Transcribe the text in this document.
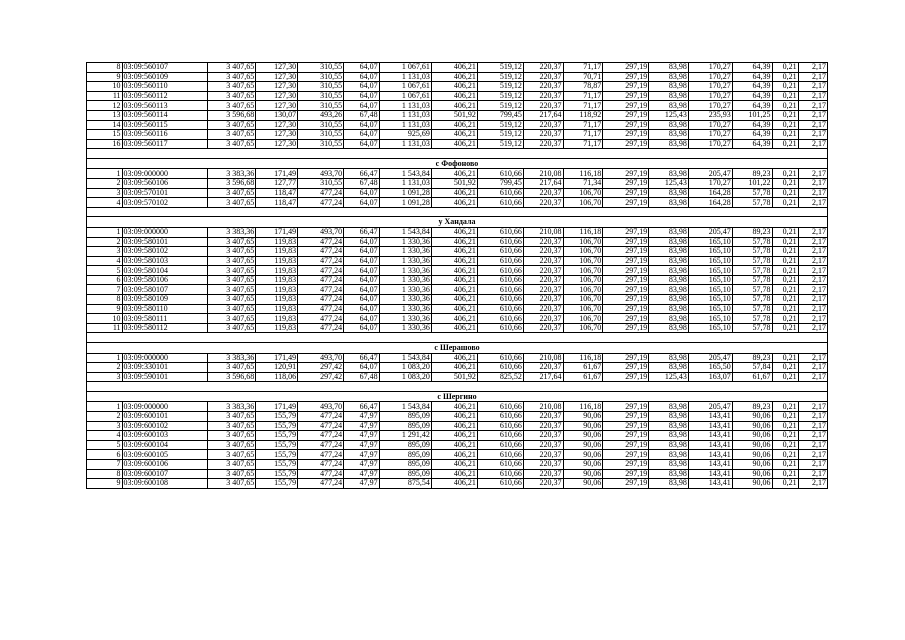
8	03:09:560107	3 407,65	127,30	310,55	64,07	1 067,61	406,21	519,12	220,37	71,17	297,19	83,98	170,27	64,39	0,21	2,17
9	03:09:560109	3 407,65	127,30	310,55	64,07	1 131,03	406,21	519,12	220,37	70,71	297,19	83,98	170,27	64,39	0,21	2,17
10	03:09:560110	3 407,65	127,30	310,55	64,07	1 067,61	406,21	519,12	220,37	78,87	297,19	83,98	170,27	64,39	0,21	2,17
11	03:09:560112	3 407,65	127,30	310,55	64,07	1 067,61	406,21	519,12	220,37	71,17	297,19	83,98	170,27	64,39	0,21	2,17
12	03:09:560113	3 407,65	127,30	310,55	64,07	1 131,03	406,21	519,12	220,37	71,17	297,19	83,98	170,27	64,39	0,21	2,17
13	03:09:560114	3 596,68	130,07	493,26	67,48	1 131,03	501,92	799,45	217,64	118,92	297,19	125,43	235,93	101,25	0,21	2,17
14	03:09:560115	3 407,65	127,30	310,55	64,07	1 131,03	406,21	519,12	220,37	71,17	297,19	83,98	170,27	64,39	0,21	2,17
15	03:09:560116	3 407,65	127,30	310,55	64,07	925,69	406,21	519,12	220,37	71,17	297,19	83,98	170,27	64,39	0,21	2,17
16	03:09:560117	3 407,65	127,30	310,55	64,07	1 131,03	406,21	519,12	220,37	71,17	297,19	83,98	170,27	64,39	0,21	2,17

с Фофоново																
1	03:09:000000	3 383,36	171,49	493,70	66,47	1 543,84	406,21	610,66	210,08	116,18	297,19	83,98	205,47	89,23	0,21	2,17
2	03:09:560106	3 596,68	127,77	310,55	67,48	1 131,03	501,92	799,45	217,64	71,34	297,19	125,43	170,27	101,22	0,21	2,17
3	03:09:570101	3 407,65	118,47	477,24	64,07	1 091,28	406,21	610,66	220,37	106,70	297,19	83,98	164,28	57,78	0,21	2,17
4	03:09:570102	3 407,65	118,47	477,24	64,07	1 091,28	406,21	610,66	220,37	106,70	297,19	83,98	164,28	57,78	0,21	2,17

у Хандала																
1	03:09:000000	3 383,36	171,49	493,70	66,47	1 543,84	406,21	610,66	210,08	116,18	297,19	83,98	205,47	89,23	0,21	2,17
2	03:09:580101	3 407,65	119,83	477,24	64,07	1 330,36	406,21	610,66	220,37	106,70	297,19	83,98	165,10	57,78	0,21	2,17
3	03:09:580102	3 407,65	119,83	477,24	64,07	1 330,36	406,21	610,66	220,37	106,70	297,19	83,98	165,10	57,78	0,21	2,17
4	03:09:580103	3 407,65	119,83	477,24	64,07	1 330,36	406,21	610,66	220,37	106,70	297,19	83,98	165,10	57,78	0,21	2,17
5	03:09:580104	3 407,65	119,83	477,24	64,07	1 330,36	406,21	610,66	220,37	106,70	297,19	83,98	165,10	57,78	0,21	2,17
6	03:09:580106	3 407,65	119,83	477,24	64,07	1 330,36	406,21	610,66	220,37	106,70	297,19	83,98	165,10	57,78	0,21	2,17
7	03:09:580107	3 407,65	119,83	477,24	64,07	1 330,36	406,21	610,66	220,37	106,70	297,19	83,98	165,10	57,78	0,21	2,17
8	03:09:580109	3 407,65	119,83	477,24	64,07	1 330,36	406,21	610,66	220,37	106,70	297,19	83,98	165,10	57,78	0,21	2,17
9	03:09:580110	3 407,65	119,83	477,24	64,07	1 330,36	406,21	610,66	220,37	106,70	297,19	83,98	165,10	57,78	0,21	2,17
10	03:09:580111	3 407,65	119,83	477,24	64,07	1 330,36	406,21	610,66	220,37	106,70	297,19	83,98	165,10	57,78	0,21	2,17
11	03:09:580112	3 407,65	119,83	477,24	64,07	1 330,36	406,21	610,66	220,37	106,70	297,19	83,98	165,10	57,78	0,21	2,17

с Шерашово																
1	03:09:000000	3 383,36	171,49	493,70	66,47	1 543,84	406,21	610,66	210,08	116,18	297,19	83,98	205,47	89,23	0,21	2,17
2	03:09:330101	3 407,65	120,91	297,42	64,07	1 083,20	406,21	610,66	220,37	61,67	297,19	83,98	165,50	57,84	0,21	2,17
3	03:09:590101	3 596,68	118,06	297,42	67,48	1 083,20	501,92	825,52	217,64	61,67	297,19	125,43	163,07	61,67	0,21	2,17

с Шергино																
1	03:09:000000	3 383,36	171,49	493,70	66,47	1 543,84	406,21	610,66	210,08	116,18	297,19	83,98	205,47	89,23	0,21	2,17
2	03:09:600101	3 407,65	155,79	477,24	47,97	895,09	406,21	610,66	220,37	90,06	297,19	83,98	143,41	90,06	0,21	2,17
3	03:09:600102	3 407,65	155,79	477,24	47,97	895,09	406,21	610,66	220,37	90,06	297,19	83,98	143,41	90,06	0,21	2,17
4	03:09:600103	3 407,65	155,79	477,24	47,97	1 291,42	406,21	610,66	220,37	90,06	297,19	83,98	143,41	90,06	0,21	2,17
5	03:09:600104	3 407,65	155,79	477,24	47,97	895,09	406,21	610,66	220,37	90,06	297,19	83,98	143,41	90,06	0,21	2,17
6	03:09:600105	3 407,65	155,79	477,24	47,97	895,09	406,21	610,66	220,37	90,06	297,19	83,98	143,41	90,06	0,21	2,17
7	03:09:600106	3 407,65	155,79	477,24	47,97	895,09	406,21	610,66	220,37	90,06	297,19	83,98	143,41	90,06	0,21	2,17
8	03:09:600107	3 407,65	155,79	477,24	47,97	895,09	406,21	610,66	220,37	90,06	297,19	83,98	143,41	90,06	0,21	2,17
9	03:09:600108	3 407,65	155,79	477,24	47,97	875,54	406,21	610,66	220,37	90,06	297,19	83,98	143,41	90,06	0,21	2,17
